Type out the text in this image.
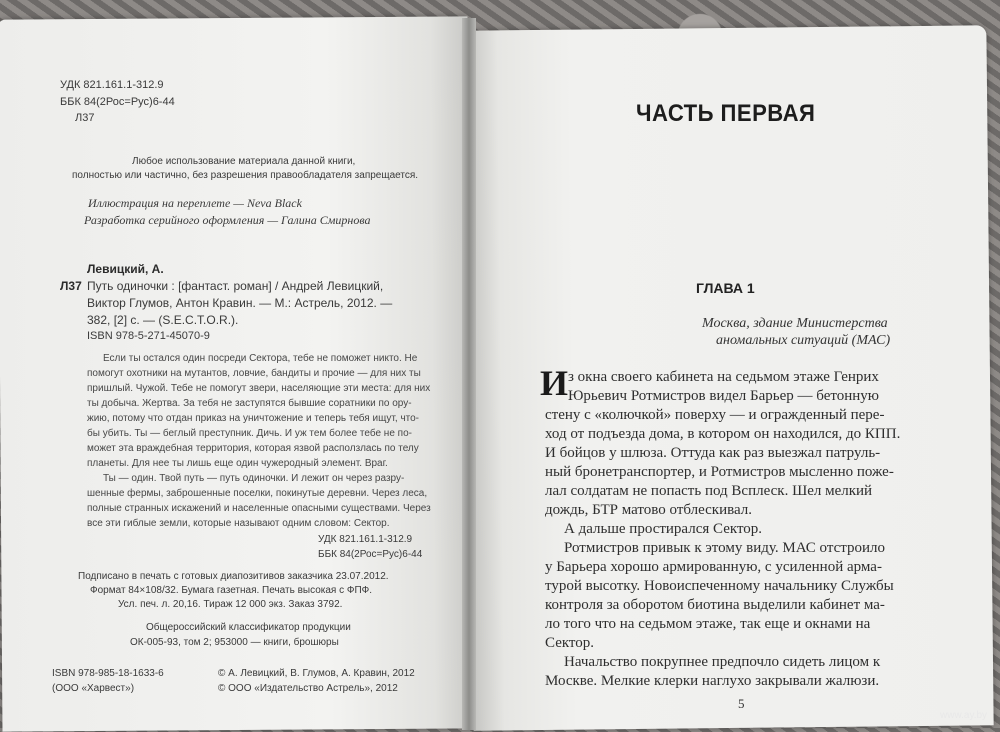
УДК 821.161.1-312.9
ББК 84(2Рос=Рус)6-44
Л37
Любое использование материала данной книги,
полностью или частично, без разрешения правообладателя запрещается.
Иллюстрация на переплете — Neva Black
Разработка серийного оформления — Галина Смирнова
Левицкий, А.
Л37 Путь одиночки : [фантаст. роман] / Андрей Левицкий,
Виктор Глумов, Антон Кравин. — М.: Астрель, 2012. —
382, [2] с. — (S.E.C.T.O.R.).
ISBN 978-5-271-45070-9
Если ты остался один посреди Сектора, тебе не поможет никто. Не
помогут охотники на мутантов, ловчие, бандиты и прочие — для них ты
пришлый. Чужой. Тебе не помогут звери, населяющие эти места: для них
ты добыча. Жертва. За тебя не заступятся бывшие соратники по ору-
жию, потому что отдан приказ на уничтожение и теперь тебя ищут, что-
бы убить. Ты — беглый преступник. Дичь. И уж тем более тебе не по-
может эта враждебная территория, которая язвой расползлась по телу
планеты. Для нее ты лишь еще один чужеродный элемент. Враг.
Ты — один. Твой путь — путь одиночки. И лежит он через разру-
шенные фермы, заброшенные поселки, покинутые деревни. Через леса,
полные странных искажений и населенные опасными существами. Через
все эти гиблые земли, которые называют одним словом: Сектор.
УДК 821.161.1-312.9
ББК 84(2Рос=Рус)6-44
Подписано в печать с готовых диапозитивов заказчика 23.07.2012.
Формат 84×108/32. Бумага газетная. Печать высокая с ФПФ.
Усл. печ. л. 20,16. Тираж 12 000 экз. Заказ 3792.
Общероссийский классификатор продукции
ОК-005-93, том 2; 953000 — книги, брошюры
ISBN 978-985-18-1633-6
(ООО «Харвест»)
© А. Левицкий, В. Глумов, А. Кравин, 2012
© ООО «Издательство Астрель», 2012
ЧАСТЬ ПЕРВАЯ
ГЛАВА 1
Москва, здание Министерства
аномальных ситуаций (МАС)
И з окна своего кабинета на седьмом этаже Генрих
Юрьевич Ротмистров видел Барьер — бетонную
стену с «колючкой» поверху — и огражденный пере-
ход от подъезда дома, в котором он находился, до КПП.
И бойцов у шлюза. Оттуда как раз выезжал патруль-
ный бронетранспортер, и Ротмистров мысленно поже-
лал солдатам не попасть под Всплеск. Шел мелкий
дождь, БТР матово отблескивал.
А дальше простирался Сектор.
Ротмистров привык к этому виду. МАС отстроило
у Барьера хорошо армированную, с усиленной арма-
турой высотку. Новоиспеченному начальнику Службы
контроля за оборотом биотина выделили кабинет ма-
ло того что на седьмом этаже, так еще и окнами на
Сектор.
5
www.ay.by
Начальство покрупнее предпочло сидеть лицом к
Москве. Мелкие клерки наглухо закрывали жалюзи.
